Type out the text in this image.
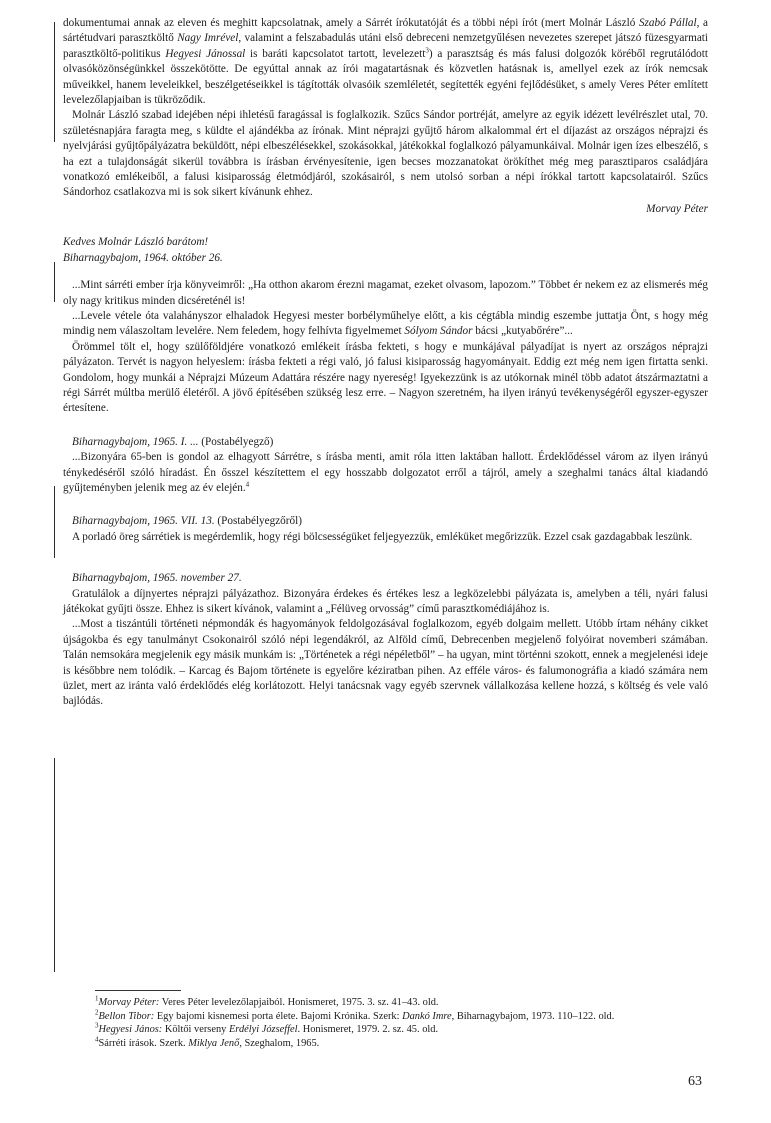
dokumentumai annak az eleven és meghitt kapcsolatnak, amely a Sárrét írókutatóját és a többi népi írót (mert Molnár László Szabó Pállal, a sártétudvari parasztköltő Nagy Imrével, valamint a felszabadulás utáni első debreceni nemzetgyűlésen nevezetes szerepet játszó füzesgyarmati parasztköltő-politikus Hegyesi Jánossal is baráti kapcsolatot tartott, levelezett$^3$) a parasztság és más falusi dolgozók köréből regrutálódott olvasóközönségünkkel összekötötte. De egyúttal annak az írói magatartásnak és közvetlen hatásnak is, amellyel ezek az írók nemcsak műveikkel, hanem leveleikkel, beszélgetéseikkel is tágították olvasóik szemléletét, segítették egyéni fejlődésüket, s amely Veres Péter említett levelezőlapjaiban is tükröződik.

Molnár László szabad idejében népi ihletésű faragással is foglalkozik. Szűcs Sándor portréját, amelyre az egyik idézett levélrészlet utal, 70. születésnapjára faragta meg, s küldte el ajándékba az írónak. Mint néprajzi gyűjtő három alkalommal ért el díjazást az országos néprajzi és nyelvjárási gyűjtőpályázatra beküldött, népi elbeszélésekkel, szokásokkal, játékokkal foglalkozó pályamunkáival. Molnár igen ízes elbeszélő, s ha ezt a tulajdonságát sikerül továbbra is írásban érvényesítenie, igen becses mozzanatokat örökíthet még meg parasztiparos családjára vonatkozó emlékeiből, a falusi kisiparosság életmódjáról, szokásairól, s nem utolsó sorban a népi írókkal tartott kapcsolatairól. Szűcs Sándorhoz csatlakozva mi is sok sikert kívánunk ehhez.

Morvay Péter

Kedves Molnár László barátom!

Biharnagybajom, 1964. október 26.

...Mint sárréti ember írja könyveimről: „Ha otthon akarom érezni magamat, ezeket olvasom, lapozom.” Többet ér nekem ez az elismerés még oly nagy kritikus minden dicséreténél is!

...Levele vétele óta valahányszor elhaladok Hegyesi mester borbélyműhelye előtt, a kis cégtábla mindig eszembe juttatja Önt, s hogy még mindig nem válaszoltam levelére. Nem feledem, hogy felhívta figyelmemet Sólyom Sándor bácsi „kutyabőrére”...

Örömmel tölt el, hogy szülőföldjére vonatkozó emlékeit írásba fekteti, s hogy e munkájával pályadíjat is nyert az országos néprajzi pályázaton. Tervét is nagyon helyeslem: írásba fekteti a régi való, jó falusi kisiparosság hagyományait. Eddig ezt még nem igen firtatta senki. Gondolom, hogy munkái a Néprajzi Múzeum Adattára részére nagy nyereség! Igyekezzünk is az utókornak minél több adatot átszármaztatni a régi Sárrét múltba merülő életéről. A jövő építésében szükség lesz erre. – Nagyon szeretném, ha ilyen irányú tevékenységéről egyszer-egyszer értesítene.

Biharnagybajom, 1965. I. ... (Postabélyegző)

...Bizonyára 65-ben is gondol az elhagyott Sárrétre, s írásba menti, amit róla itten laktában hallott. Érdeklődéssel várom az ilyen irányú ténykedéséről szóló híradást. Én ősszel készítettem el egy hosszabb dolgozatot erről a tájról, amely a szeghalmi tanács által kiadandó gyűjteményben jelenik meg az év elején.$^4$

Biharnagybajom, 1965. VII. 13. (Postabélyegzőről)

A porladó öreg sárrétiek is megérdemlik, hogy régi bölcsességüket feljegyezzük, emléküket megőrizzük. Ezzel csak gazdagabbak leszünk.

Biharnagybajom, 1965. november 27.

Gratulálok a díjnyertes néprajzi pályázathoz. Bizonyára érdekes és értékes lesz a legközelebbi pályázata is, amelyben a téli, nyári falusi játékokat gyűjti össze. Ehhez is sikert kívánok, valamint a „Félüveg orvosság” című parasztkomédiájához is.

...Most a tiszántúli történeti népmondák és hagyományok feldolgozásával foglalkozom, egyéb dolgaim mellett. Utóbb írtam néhány cikket újságokba és egy tanulmányt Csokonairól szóló népi legendákról, az Alföld című, Debrecenben megjelenő folyóirat novemberi számában. Talán nemsokára megjelenik egy másik munkám is: „Történetek a régi népéletből” – ha ugyan, mint történni szokott, ennek a megjelenési ideje is későbbre nem tolódik. – Karcag és Bajom története is egyelőre kéziratban pihen. Az efféle város- és falumonográfia a kiadó számára nem üzlet, mert az iránta való érdeklődés elég korlátozott. Helyi tanácsnak vagy egyéb szervnek vállalkozása kellene hozzá, s költség és vele való bajlódás.

$^1$Morvay Péter: Veres Péter levelezőlapjaiból. Honismeret, 1975. 3. sz. 41–43. old.

$^2$Bellon Tibor: Egy bajomi kisnemesi porta élete. Bajomi Krónika. Szerk: Dankó Imre, Biharnagybajom, 1973. 110–122. old.

$^3$Hegyesi János: Költői verseny Erdélyi Józseffel. Honismeret, 1979. 2. sz. 45. old.

$^4$Sárréti írások. Szerk. Miklya Jenő, Szeghalom, 1965.

63
